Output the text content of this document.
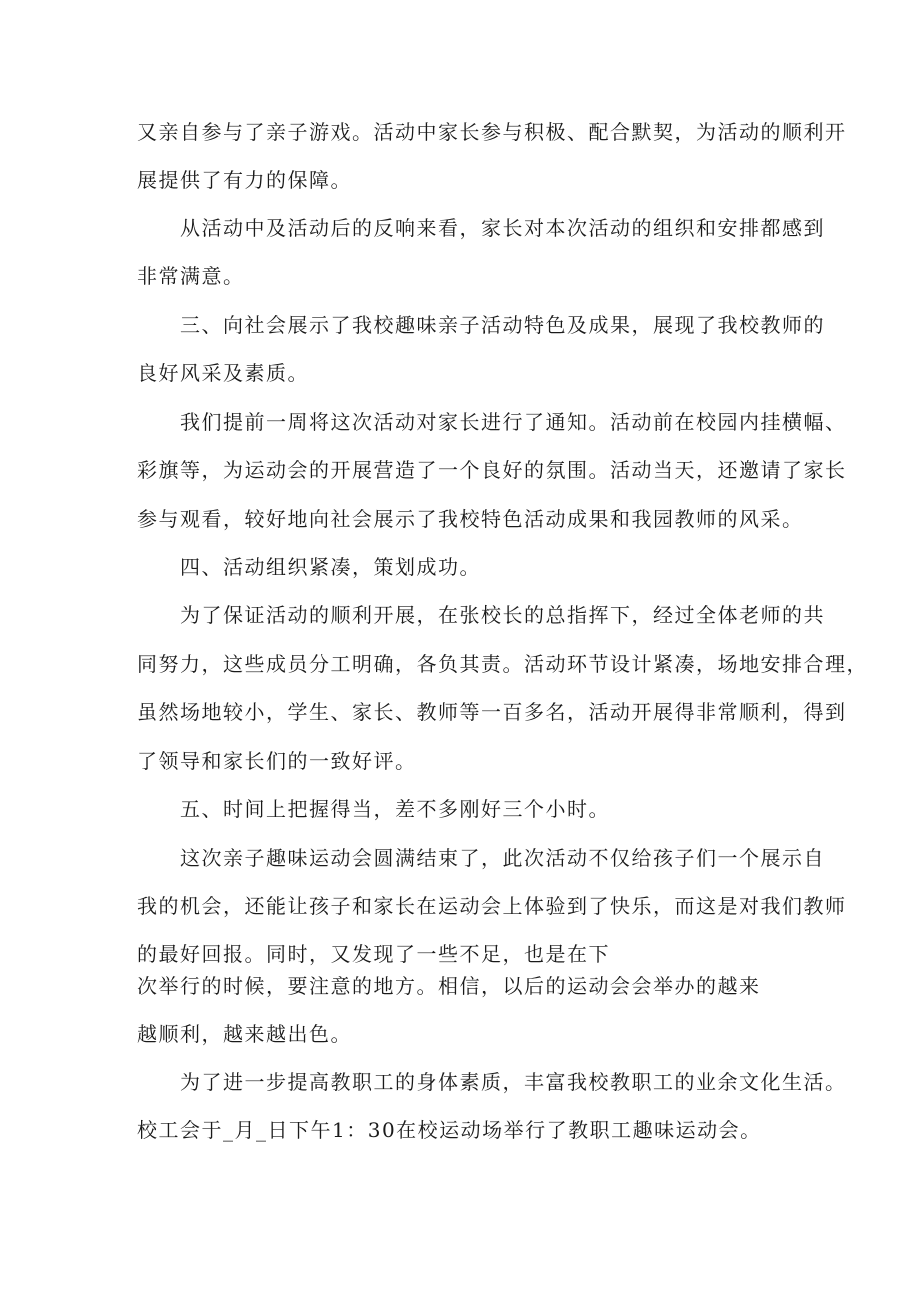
又亲自参与了亲子游戏。活动中家长参与积极、配合默契，为活动的顺利开

展提供了有力的保障。

从活动中及活动后的反响来看，家长对本次活动的组织和安排都感到

非常满意。

三、向社会展示了我校趣味亲子活动特色及成果，展现了我校教师的

良好风采及素质。

我们提前一周将这次活动对家长进行了通知。活动前在校园内挂横幅、

彩旗等，为运动会的开展营造了一个良好的氛围。活动当天，还邀请了家长

参与观看，较好地向社会展示了我校特色活动成果和我园教师的风采。

四、活动组织紧凑，策划成功。

为了保证活动的顺利开展，在张校长的总指挥下，经过全体老师的共

同努力，这些成员分工明确，各负其责。活动环节设计紧凑，场地安排合理，

虽然场地较小，学生、家长、教师等一百多名，活动开展得非常顺利，得到

了领导和家长们的一致好评。

五、时间上把握得当，差不多刚好三个小时。

这次亲子趣味运动会圆满结束了，此次活动不仅给孩子们一个展示自

我的机会，还能让孩子和家长在运动会上体验到了快乐，而这是对我们教师

的最好回报。同时，又发现了一些不足，也是在下

次举行的时候，要注意的地方。相信，以后的运动会会举办的越来

越顺利，越来越出色。

为了进一步提高教职工的身体素质，丰富我校教职工的业余文化生活。

校工会于_月_日下午1：30在校运动场举行了教职工趣味运动会。
